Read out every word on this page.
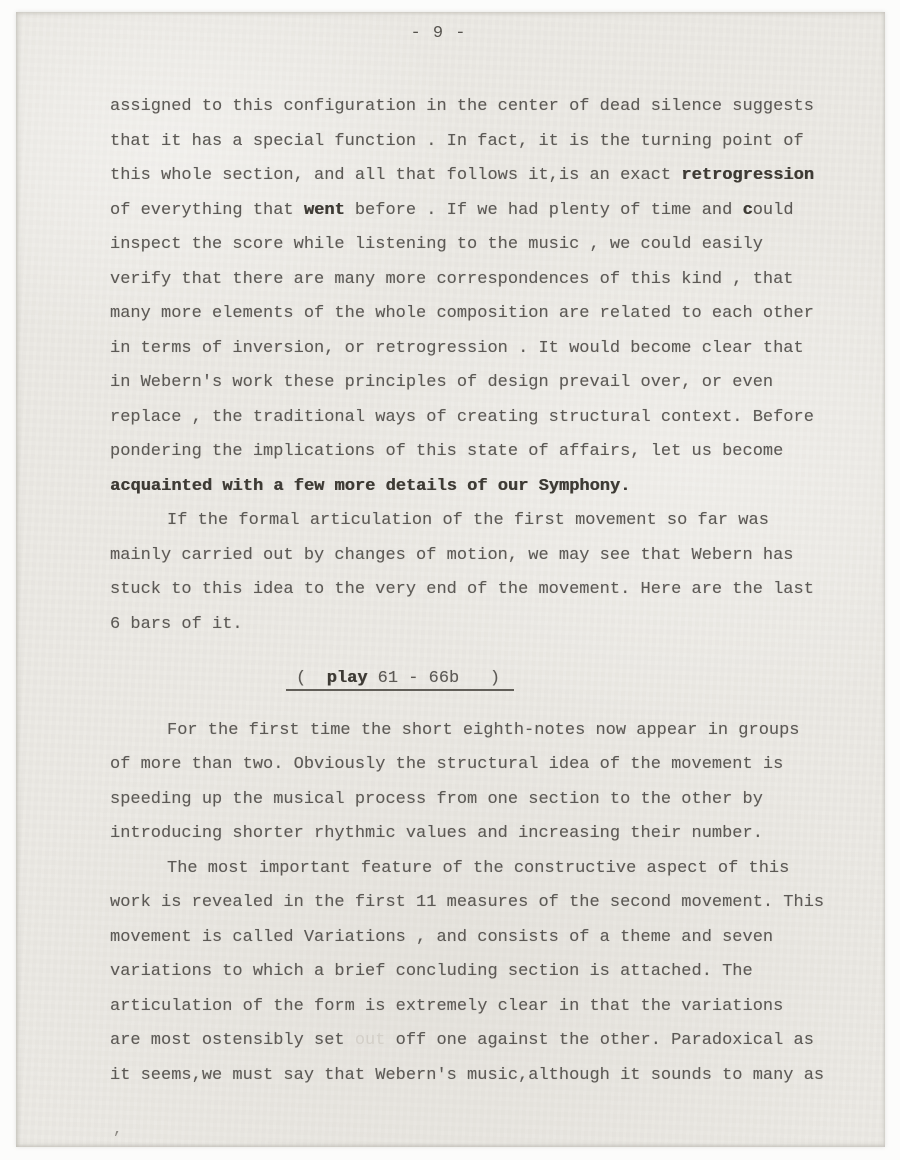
- 9 -
assigned to this configuration in the center of dead silence suggests
that it has a special function . In fact, it is the turning point of
this whole section, and all that follows it,is an exact retrogression
of everything that went before . If we had plenty of time and could
inspect the score while listening to the music , we could easily
verify that there are many more correspondences of this kind , that
many more elements of the whole composition are related to each other
in terms of inversion, or retrogression . It would become clear that
in Webern's work these principles of design prevail over, or even
replace , the traditional ways of creating structural context. Before
pondering the implications of this state of affairs, let us become
acquainted with a few more details of our Symphony.
If the formal articulation of the first movement so far was
mainly carried out by changes of motion, we may see that Webern has
stuck to this idea to the very end of the movement. Here are the last
6 bars of it.
(  play 61 - 66b   )
For the first time the short eighth-notes now appear in groups
of more than two. Obviously the structural idea of the movement is
speeding up the musical process from one section to the other by
introducing shorter rhythmic values and increasing their number.
The most important feature of the constructive aspect of this
work is revealed in the first 11 measures of the second movement. This
movement is called Variations , and consists of a theme and seven
variations to which a brief concluding section is attached. The
articulation of the form is extremely clear in that the variations
are most ostensibly set out off one against the other. Paradoxical as
it seems,we must say that Webern's music,although it sounds to many as
,
